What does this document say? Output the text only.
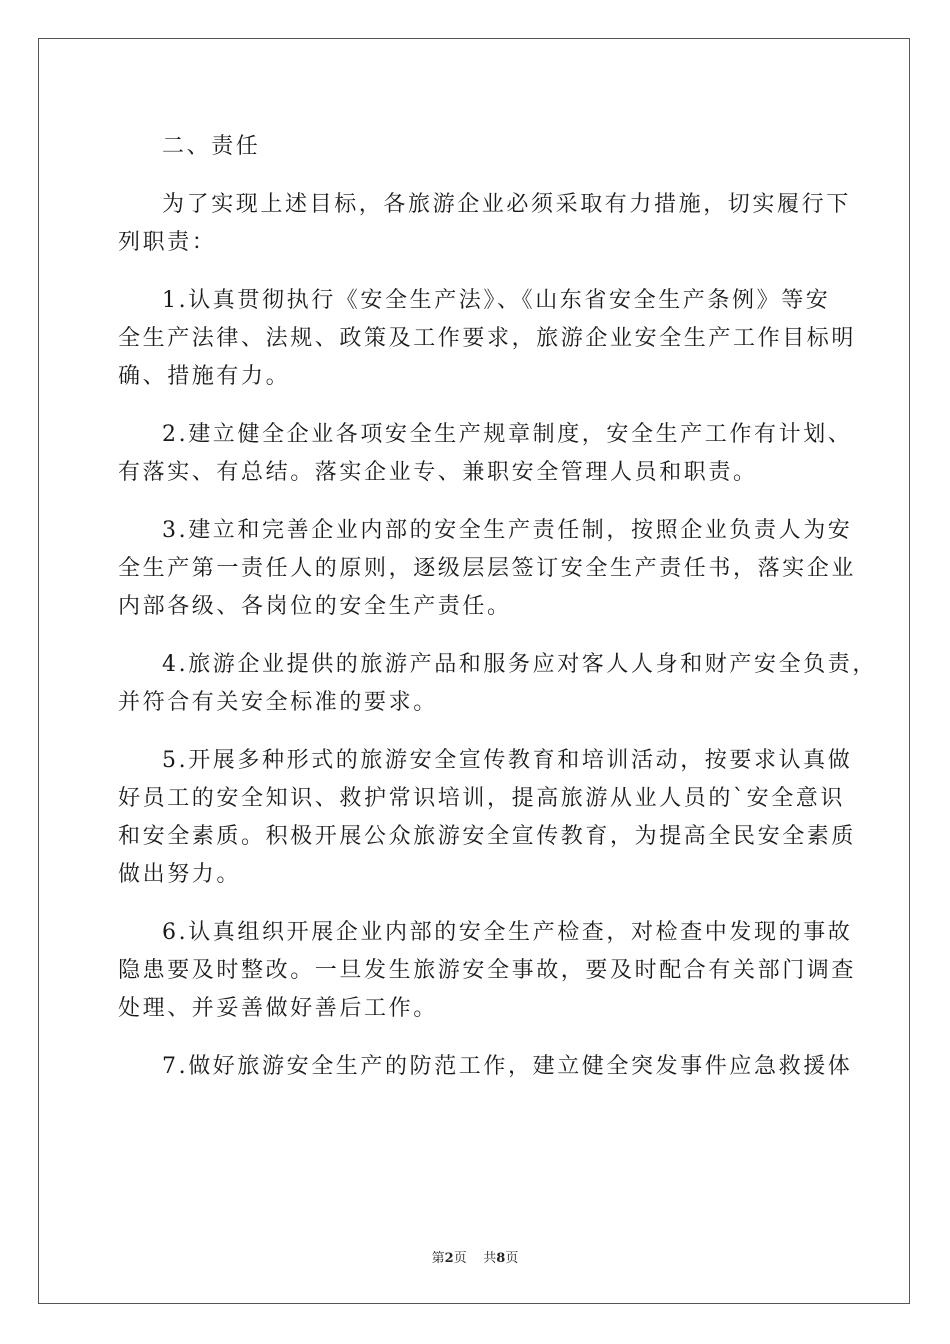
二、责任
为了实现上述目标，各旅游企业必须采取有力措施，切实履行下
列职责：
1.认真贯彻执行《安全生产法》、《山东省安全生产条例》等安
全生产法律、法规、政策及工作要求，旅游企业安全生产工作目标明
确、措施有力。
2.建立健全企业各项安全生产规章制度，安全生产工作有计划、
有落实、有总结。落实企业专、兼职安全管理人员和职责。
3.建立和完善企业内部的安全生产责任制，按照企业负责人为安
全生产第一责任人的原则，逐级层层签订安全生产责任书，落实企业
内部各级、各岗位的安全生产责任。
4.旅游企业提供的旅游产品和服务应对客人人身和财产安全负责，
并符合有关安全标准的要求。
5.开展多种形式的旅游安全宣传教育和培训活动，按要求认真做
好员工的安全知识、救护常识培训，提高旅游从业人员的`安全意识
和安全素质。积极开展公众旅游安全宣传教育，为提高全民安全素质
做出努力。
6.认真组织开展企业内部的安全生产检查，对检查中发现的事故
隐患要及时整改。一旦发生旅游安全事故，要及时配合有关部门调查
处理、并妥善做好善后工作。
7.做好旅游安全生产的防范工作，建立健全突发事件应急救援体
第2页 共8页
